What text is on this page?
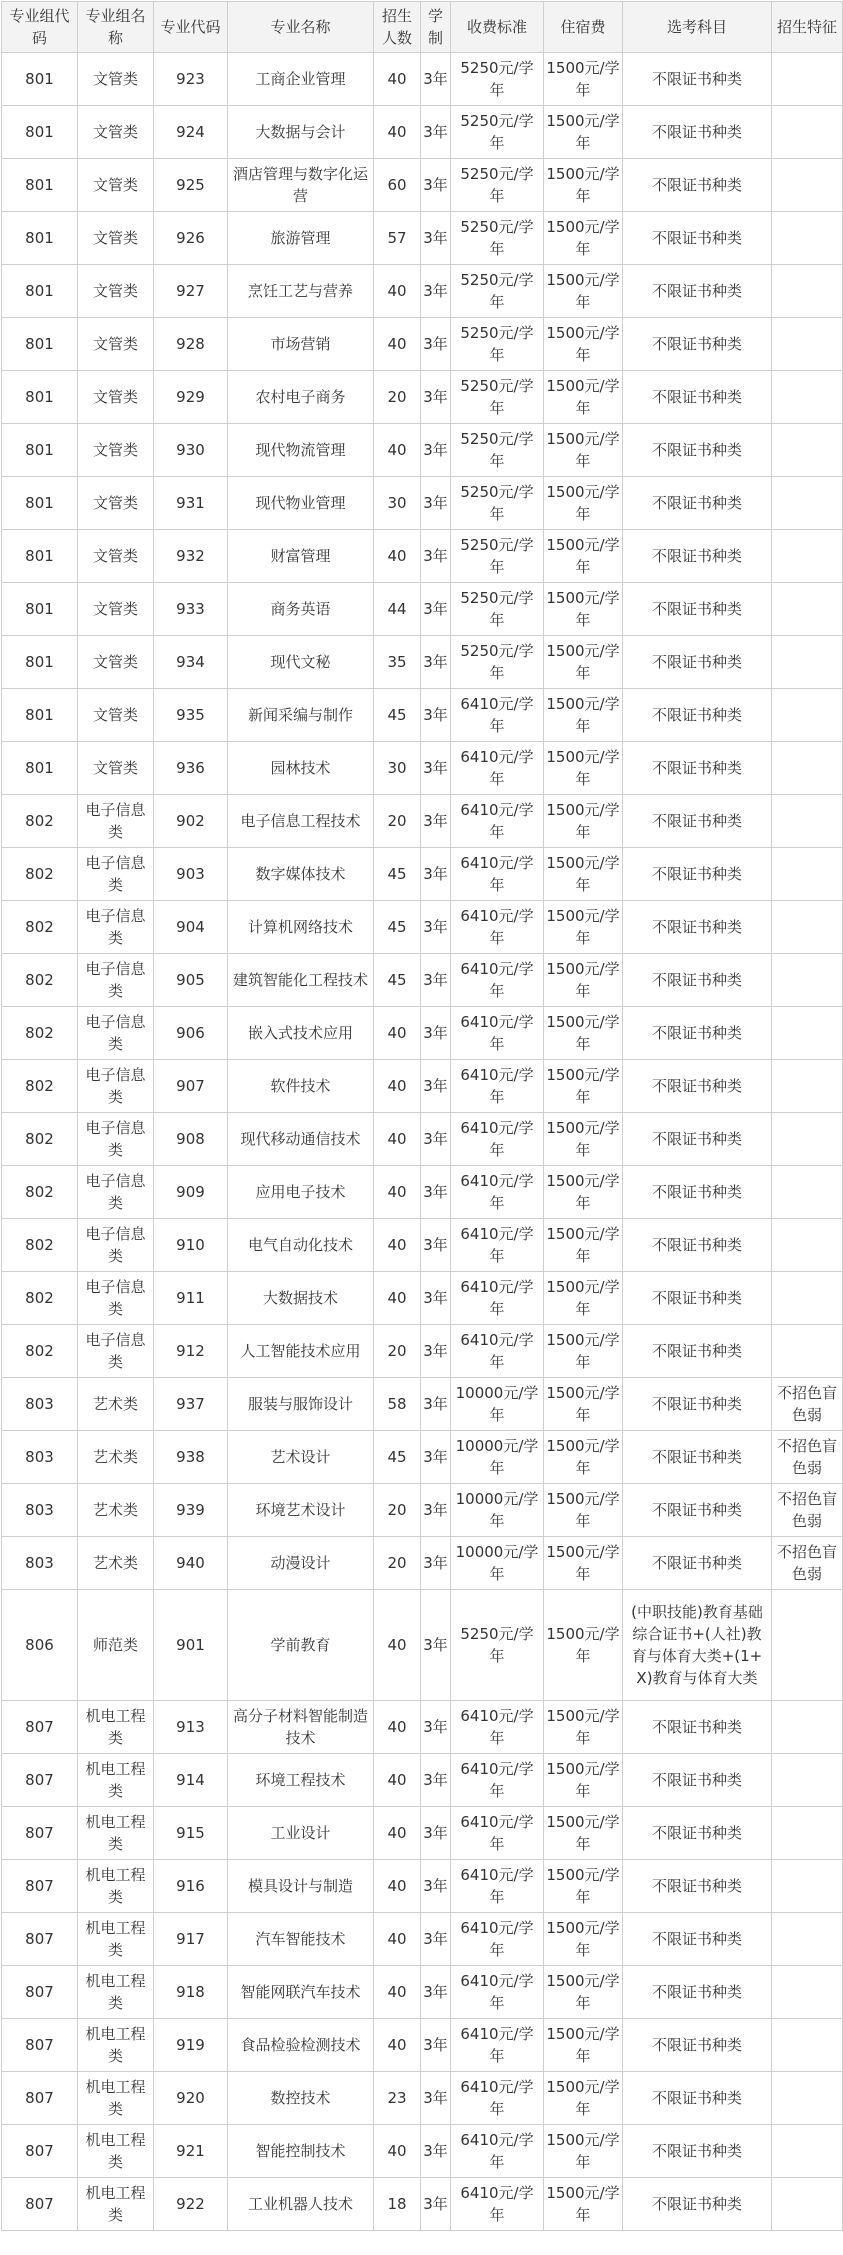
专业组代码	专业组名称	专业代码	专业名称	招生人数	学制	收费标准	住宿费	选考科目	招生特征
801	文管类	923	工商企业管理	40	3年	5250元/学年	1500元/学年	不限证书种类	
801	文管类	924	大数据与会计	40	3年	5250元/学年	1500元/学年	不限证书种类	
801	文管类	925	酒店管理与数字化运营	60	3年	5250元/学年	1500元/学年	不限证书种类	
801	文管类	926	旅游管理	57	3年	5250元/学年	1500元/学年	不限证书种类	
801	文管类	927	烹饪工艺与营养	40	3年	5250元/学年	1500元/学年	不限证书种类	
801	文管类	928	市场营销	40	3年	5250元/学年	1500元/学年	不限证书种类	
801	文管类	929	农村电子商务	20	3年	5250元/学年	1500元/学年	不限证书种类	
801	文管类	930	现代物流管理	40	3年	5250元/学年	1500元/学年	不限证书种类	
801	文管类	931	现代物业管理	30	3年	5250元/学年	1500元/学年	不限证书种类	
801	文管类	932	财富管理	40	3年	5250元/学年	1500元/学年	不限证书种类	
801	文管类	933	商务英语	44	3年	5250元/学年	1500元/学年	不限证书种类	
801	文管类	934	现代文秘	35	3年	5250元/学年	1500元/学年	不限证书种类	
801	文管类	935	新闻采编与制作	45	3年	6410元/学年	1500元/学年	不限证书种类	
801	文管类	936	园林技术	30	3年	6410元/学年	1500元/学年	不限证书种类	
802	电子信息类	902	电子信息工程技术	20	3年	6410元/学年	1500元/学年	不限证书种类	
802	电子信息类	903	数字媒体技术	45	3年	6410元/学年	1500元/学年	不限证书种类	
802	电子信息类	904	计算机网络技术	45	3年	6410元/学年	1500元/学年	不限证书种类	
802	电子信息类	905	建筑智能化工程技术	45	3年	6410元/学年	1500元/学年	不限证书种类	
802	电子信息类	906	嵌入式技术应用	40	3年	6410元/学年	1500元/学年	不限证书种类	
802	电子信息类	907	软件技术	40	3年	6410元/学年	1500元/学年	不限证书种类	
802	电子信息类	908	现代移动通信技术	40	3年	6410元/学年	1500元/学年	不限证书种类	
802	电子信息类	909	应用电子技术	40	3年	6410元/学年	1500元/学年	不限证书种类	
802	电子信息类	910	电气自动化技术	40	3年	6410元/学年	1500元/学年	不限证书种类	
802	电子信息类	911	大数据技术	40	3年	6410元/学年	1500元/学年	不限证书种类	
802	电子信息类	912	人工智能技术应用	20	3年	6410元/学年	1500元/学年	不限证书种类	
803	艺术类	937	服装与服饰设计	58	3年	10000元/学年	1500元/学年	不限证书种类	不招色盲色弱
803	艺术类	938	艺术设计	45	3年	10000元/学年	1500元/学年	不限证书种类	不招色盲色弱
803	艺术类	939	环境艺术设计	20	3年	10000元/学年	1500元/学年	不限证书种类	不招色盲色弱
803	艺术类	940	动漫设计	20	3年	10000元/学年	1500元/学年	不限证书种类	不招色盲色弱
806	师范类	901	学前教育	40	3年	5250元/学年	1500元/学年	(中职技能)教育基础综合证书+(人社)教育与体育大类+(1+X)教育与体育大类	
807	机电工程类	913	高分子材料智能制造技术	40	3年	6410元/学年	1500元/学年	不限证书种类	
807	机电工程类	914	环境工程技术	40	3年	6410元/学年	1500元/学年	不限证书种类	
807	机电工程类	915	工业设计	40	3年	6410元/学年	1500元/学年	不限证书种类	
807	机电工程类	916	模具设计与制造	40	3年	6410元/学年	1500元/学年	不限证书种类	
807	机电工程类	917	汽车智能技术	40	3年	6410元/学年	1500元/学年	不限证书种类	
807	机电工程类	918	智能网联汽车技术	40	3年	6410元/学年	1500元/学年	不限证书种类	
807	机电工程类	919	食品检验检测技术	40	3年	6410元/学年	1500元/学年	不限证书种类	
807	机电工程类	920	数控技术	23	3年	6410元/学年	1500元/学年	不限证书种类	
807	机电工程类	921	智能控制技术	40	3年	6410元/学年	1500元/学年	不限证书种类	
807	机电工程类	922	工业机器人技术	18	3年	6410元/学年	1500元/学年	不限证书种类	
